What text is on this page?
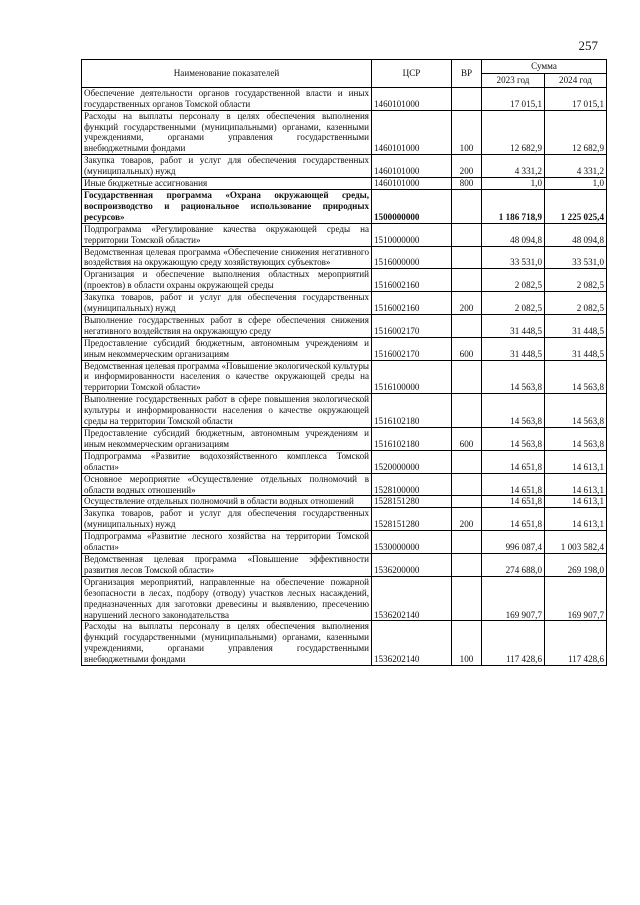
257
Наименование показателей	ЦСР	ВР	Сумма	
			2023 год	2024 год
Обеспечение деятельности органов государственной власти и иных государственных органов Томской области	1460101000		17 015,1	17 015,1
Расходы на выплаты персоналу в целях обеспечения выполнения функций государственными (муниципальными) органами, казенными учреждениями, органами управления государственными внебюджетными фондами	1460101000	100	12 682,9	12 682,9
Закупка товаров, работ и услуг для обеспечения государственных (муниципальных) нужд	1460101000	200	4 331,2	4 331,2
Иные бюджетные ассигнования	1460101000	800	1,0	1,0
Государственная программа «Охрана окружающей среды, воспроизводство и рациональное использование природных ресурсов»	1500000000		1 186 718,9	1 225 025,4
Подпрограмма «Регулирование качества окружающей среды на территории Томской области»	1510000000		48 094,8	48 094,8
Ведомственная целевая программа «Обеспечение снижения негативного воздействия на окружающую среду хозяйствующих субъектов»	1516000000		33 531,0	33 531,0
Организация и обеспечение выполнения областных мероприятий (проектов) в области охраны окружающей среды	1516002160		2 082,5	2 082,5
Закупка товаров, работ и услуг для обеспечения государственных (муниципальных) нужд	1516002160	200	2 082,5	2 082,5
Выполнение государственных работ в сфере обеспечения снижения негативного воздействия на окружающую среду	1516002170		31 448,5	31 448,5
Предоставление субсидий бюджетным, автономным учреждениям и иным некоммерческим организациям	1516002170	600	31 448,5	31 448,5
Ведомственная целевая программа «Повышение экологической культуры и информированности населения о качестве окружающей среды на территории Томской области»	1516100000		14 563,8	14 563,8
Выполнение государственных работ в сфере повышения экологической культуры и информированности населения о качестве окружающей среды на территории Томской области	1516102180		14 563,8	14 563,8
Предоставление субсидий бюджетным, автономным учреждениям и иным некоммерческим организациям	1516102180	600	14 563,8	14 563,8
Подпрограмма «Развитие водохозяйственного комплекса Томской области»	1520000000		14 651,8	14 613,1
Основное мероприятие «Осуществление отдельных полномочий в области водных отношений»	1528100000		14 651,8	14 613,1
Осуществление отдельных полномочий в области водных отношений	1528151280		14 651,8	14 613,1
Закупка товаров, работ и услуг для обеспечения государственных (муниципальных) нужд	1528151280	200	14 651,8	14 613,1
Подпрограмма «Развитие лесного хозяйства на территории Томской области»	1530000000		996 087,4	1 003 582,4
Ведомственная целевая программа «Повышение эффективности развития лесов Томской области»	1536200000		274 688,0	269 198,0
Организация мероприятий, направленные на обеспечение пожарной безопасности в лесах, подбору (отводу) участков лесных насаждений, предназначенных для заготовки древесины и выявлению, пресечению нарушений лесного законодательства	1536202140		169 907,7	169 907,7
Расходы на выплаты персоналу в целях обеспечения выполнения функций государственными (муниципальными) органами, казенными учреждениями, органами управления государственными внебюджетными фондами	1536202140	100	117 428,6	117 428,6
